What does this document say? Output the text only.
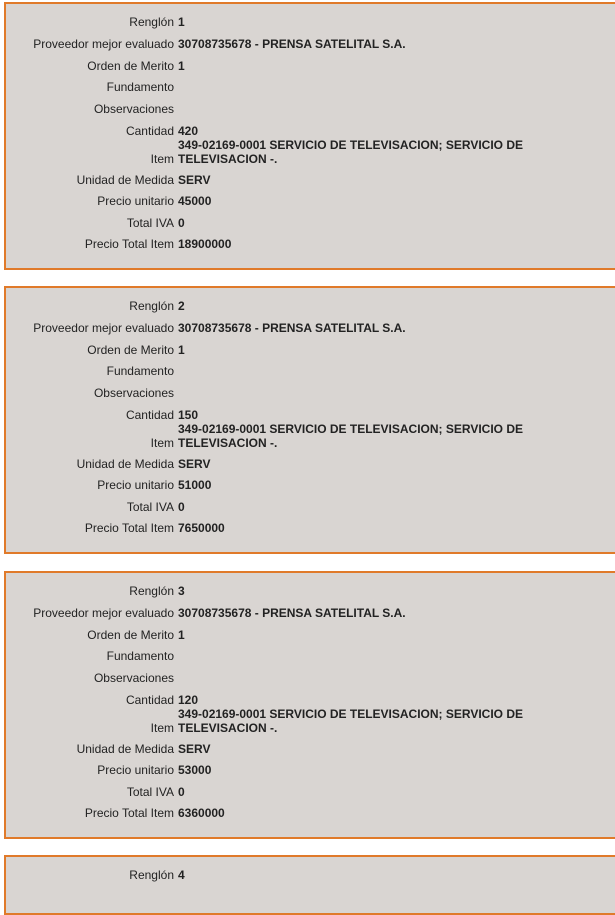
Renglón 1
Proveedor mejor evaluado 30708735678 - PRENSA SATELITAL S.A.
Orden de Merito 1
Fundamento
Observaciones
Cantidad 420
Item
349-02169-0001 SERVICIO DE TELEVISACION; SERVICIO DE TELEVISACION -.
Unidad de Medida SERV
Precio unitario 45000
Total IVA 0
Precio Total Item 18900000
Renglón 2
Proveedor mejor evaluado 30708735678 - PRENSA SATELITAL S.A.
Orden de Merito 1
Fundamento
Observaciones
Cantidad 150
Item
349-02169-0001 SERVICIO DE TELEVISACION; SERVICIO DE TELEVISACION -.
Unidad de Medida SERV
Precio unitario 51000
Total IVA 0
Precio Total Item 7650000
Renglón 3
Proveedor mejor evaluado 30708735678 - PRENSA SATELITAL S.A.
Orden de Merito 1
Fundamento
Observaciones
Cantidad 120
Item
349-02169-0001 SERVICIO DE TELEVISACION; SERVICIO DE TELEVISACION -.
Unidad de Medida SERV
Precio unitario 53000
Total IVA 0
Precio Total Item 6360000
Renglón 4
